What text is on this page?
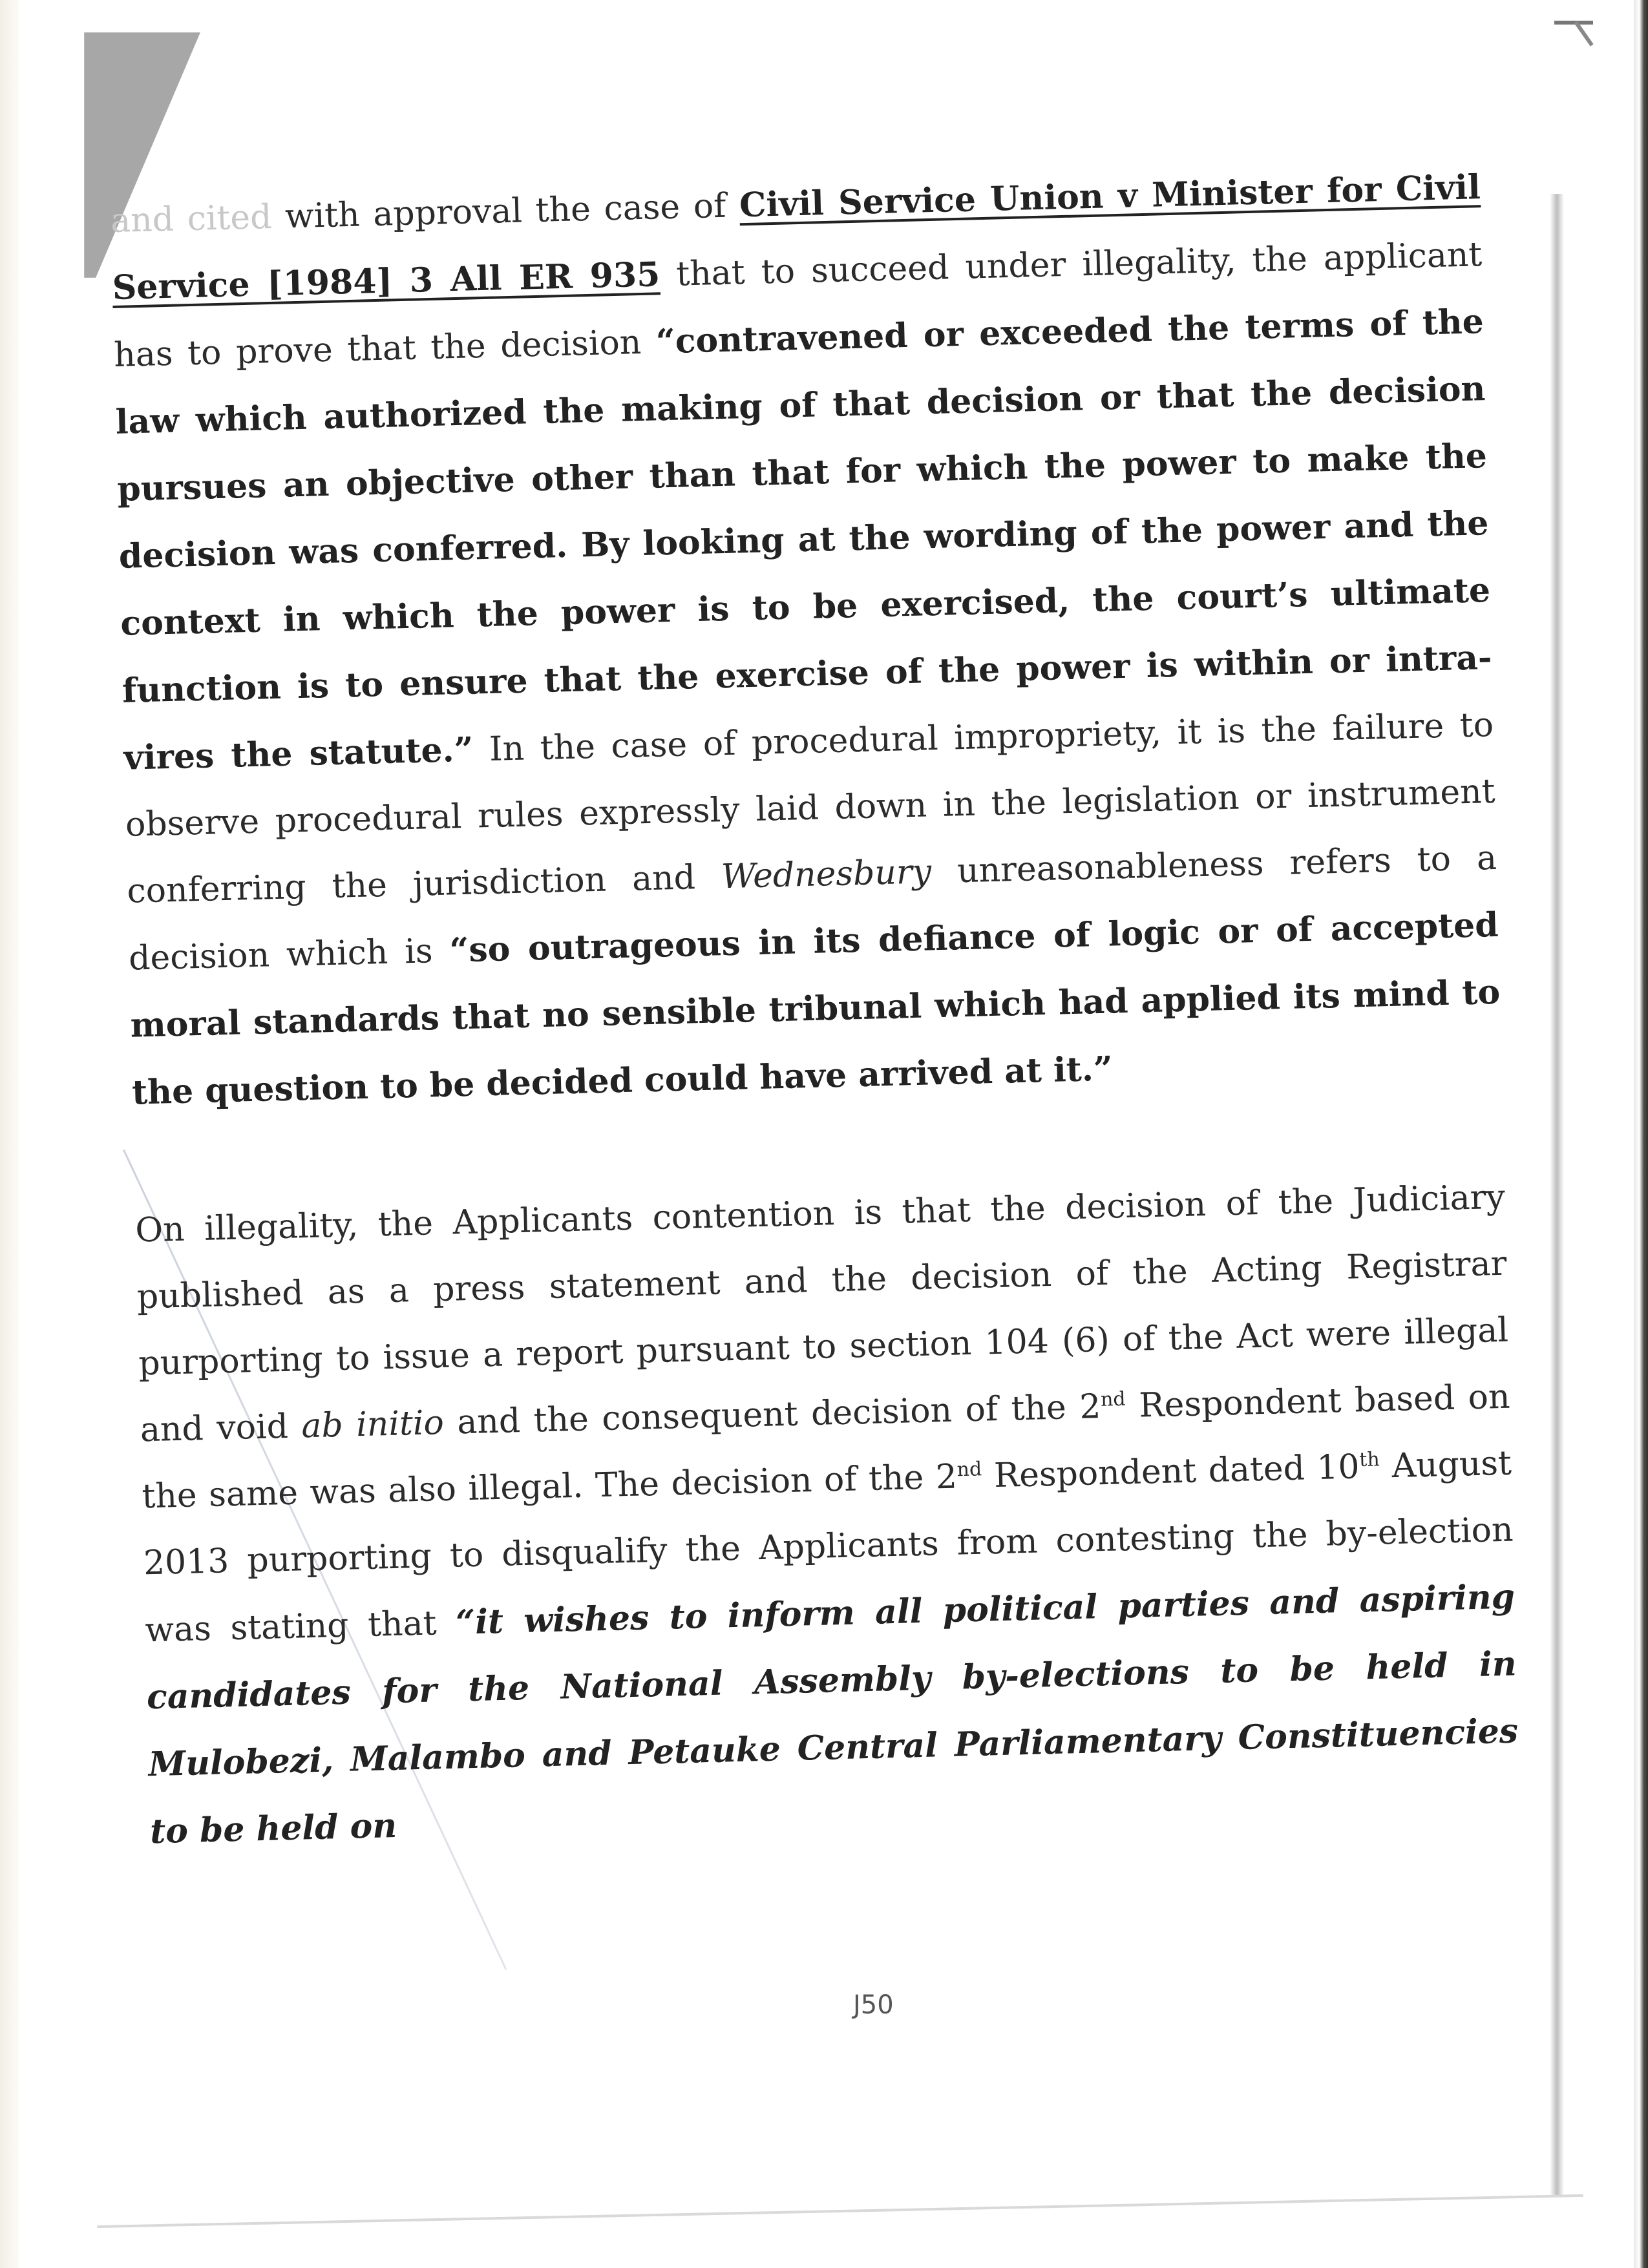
and cited with approval the case of Civil Service Union v Minister for Civil Service [1984] 3 All ER 935 that to succeed under illegality, the applicant has to prove that the decision “contravened or exceeded the terms of the law which authorized the making of that decision or that the decision pursues an objective other than that for which the power to make the decision was conferred. By looking at the wording of the power and the context in which the power is to be exercised, the court’s ultimate function is to ensure that the exercise of the power is within or intra-vires the statute.” In the case of procedural impropriety, it is the failure to observe procedural rules expressly laid down in the legislation or instrument conferring the jurisdiction and Wednesbury unreasonableness refers to a decision which is “so outrageous in its defiance of logic or of accepted moral standards that no sensible tribunal which had applied its mind to the question to be decided could have arrived at it.”

On illegality, the Applicants contention is that the decision of the Judiciary published as a press statement and the decision of the Acting Registrar purporting to issue a report pursuant to section 104 (6) of the Act were illegal and void ab initio and the consequent decision of the 2nd Respondent based on the same was also illegal. The decision of the 2nd Respondent dated 10th August 2013 purporting to disqualify the Applicants from contesting the by-election was stating that “it wishes to inform all political parties and aspiring candidates for the National Assembly by-elections to be held in Mulobezi, Malambo and Petauke Central Parliamentary Constituencies to be held on

J50
